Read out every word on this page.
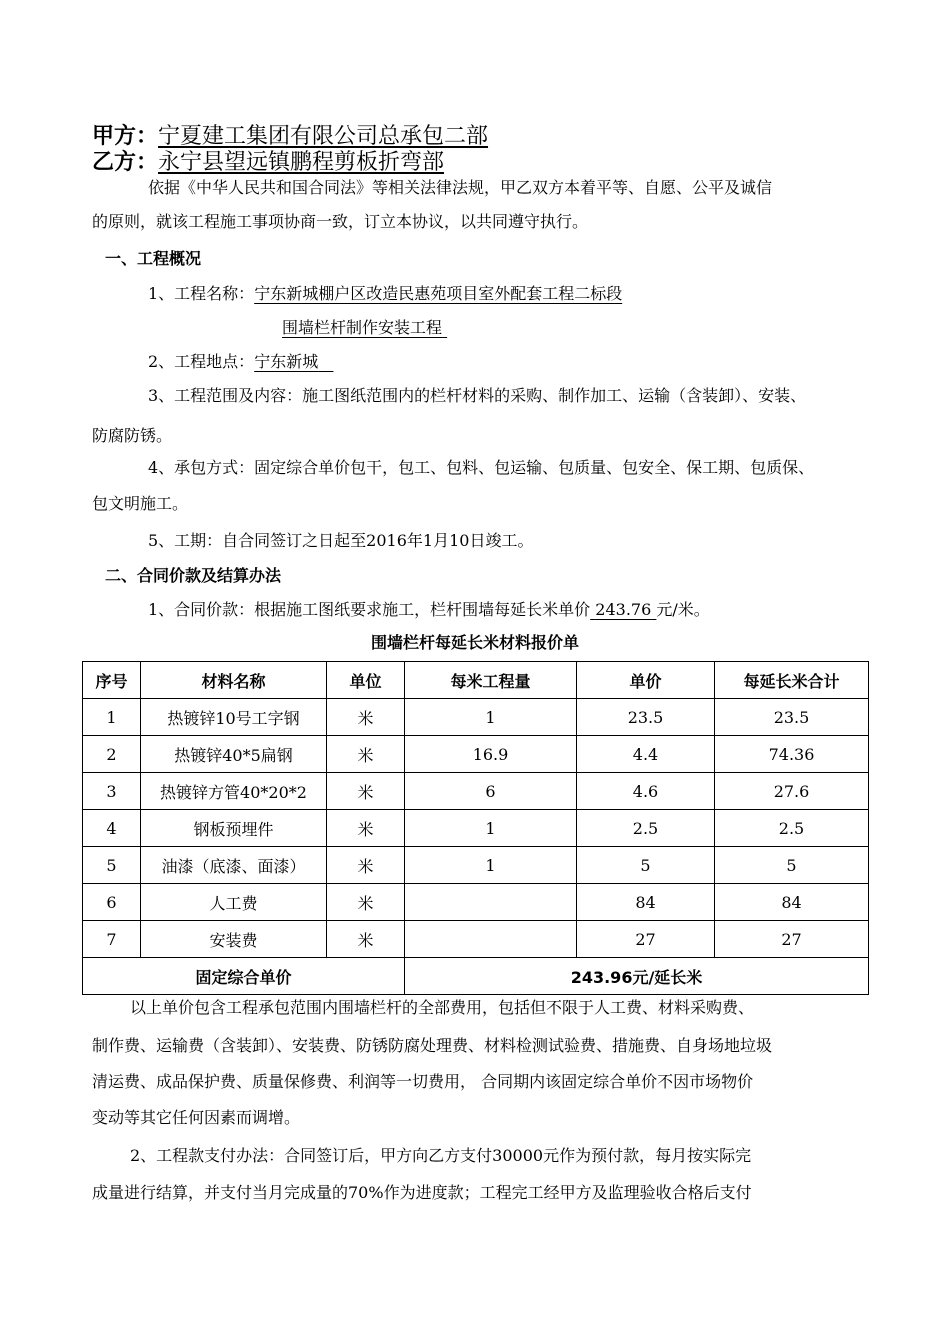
甲方：宁夏建工集团有限公司总承包二部
乙方：永宁县望远镇鹏程剪板折弯部
依据《中华人民共和国合同法》等相关法律法规，甲乙双方本着平等、自愿、公平及诚信
的原则，就该工程施工事项协商一致，订立本协议，以共同遵守执行。
一、工程概况
1、工程名称：宁东新城棚户区改造民惠苑项目室外配套工程二标段
围墙栏杆制作安装工程
2、工程地点：宁东新城
3、工程范围及内容：施工图纸范围内的栏杆材料的采购、制作加工、运输（含装卸）、安装、
防腐防锈。
4、承包方式：固定综合单价包干，包工、包料、包运输、包质量、包安全、保工期、包质保、
包文明施工。
5、工期：自合同签订之日起至2016年1月10日竣工。
二、合同价款及结算办法
1、合同价款：根据施工图纸要求施工，栏杆围墙每延长米单价 243.76 元/米。
围墙栏杆每延长米材料报价单
序号	材料名称	单位	每米工程量	单价	每延长米合计
1	热镀锌10号工字钢	米	1	23.5	23.5
2	热镀锌40*5扁钢	米	16.9	4.4	74.36
3	热镀锌方管40*20*2	米	6	4.6	27.6
4	钢板预埋件	米	1	2.5	2.5
5	油漆（底漆、面漆）	米	1	5	5
6	人工费	米		84	84
7	安装费	米		27	27
固定综合单价			243.96元/延长米		
以上单价包含工程承包范围内围墙栏杆的全部费用，包括但不限于人工费、材料采购费、
制作费、运输费（含装卸）、安装费、防锈防腐处理费、材料检测试验费、措施费、自身场地垃圾
清运费、成品保护费、质量保修费、利润等一切费用， 合同期内该固定综合单价不因市场物价
变动等其它任何因素而调增。
2、工程款支付办法：合同签订后，甲方向乙方支付30000元作为预付款，每月按实际完
成量进行结算，并支付当月完成量的70%作为进度款；工程完工经甲方及监理验收合格后支付
